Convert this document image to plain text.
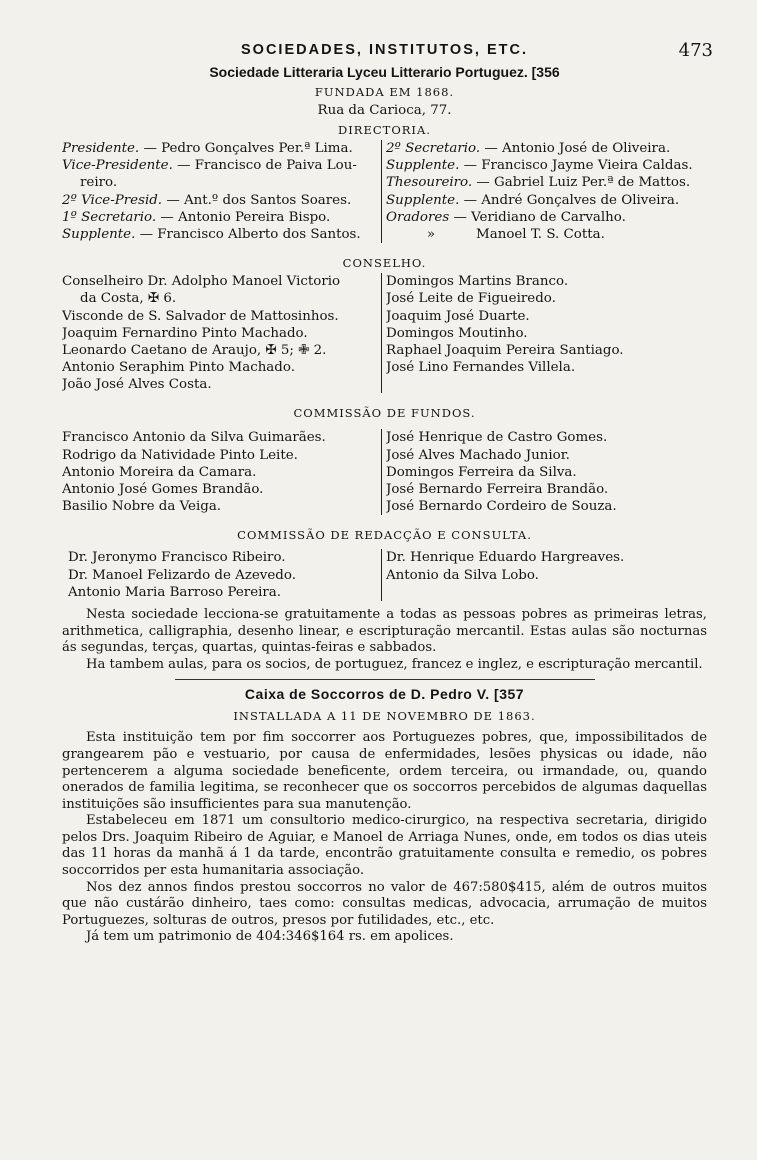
SOCIEDADES, INSTITUTOS, ETC.	473
Sociedade Litteraria Lyceu Litterario Portuguez. [356
FUNDADA EM 1868.
Rua da Carioca, 77.
DIRECTORIA.
Presidente. — Pedro Gonçalves Per.ª Lima.
Vice-Presidente. — Francisco de Paiva Lou-
reiro.
2º Vice-Presid. — Ant.º dos Santos Soares.
1º Secretario. — Antonio Pereira Bispo.
Supplente. — Francisco Alberto dos Santos.
2º Secretario. — Antonio José de Oliveira.
Supplente. — Francisco Jayme Vieira Caldas.
Thesoureiro. — Gabriel Luiz Per.ª de Mattos.
Supplente. — André Gonçalves de Oliveira.
Oradores — Veridiano de Carvalho.
»	Manoel T. S. Cotta.
CONSELHO.
Conselheiro Dr. Adolpho Manoel Victorio
da Costa, ✠ 6.
Visconde de S. Salvador de Mattosinhos.
Joaquim Fernardino Pinto Machado.
Leonardo Caetano de Araujo, ✠ 5; ✙ 2.
Antonio Seraphim Pinto Machado.
João José Alves Costa.
Domingos Martins Branco.
José Leite de Figueiredo.
Joaquim José Duarte.
Domingos Moutinho.
Raphael Joaquim Pereira Santiago.
José Lino Fernandes Villela.
COMMISSÃO DE FUNDOS.
Francisco Antonio da Silva Guimarães.
Rodrigo da Natividade Pinto Leite.
Antonio Moreira da Camara.
Antonio José Gomes Brandão.
Basilio Nobre da Veiga.
José Henrique de Castro Gomes.
José Alves Machado Junior.
Domingos Ferreira da Silva.
José Bernardo Ferreira Brandão.
José Bernardo Cordeiro de Souza.
COMMISSÃO DE REDACÇÃO E CONSULTA.
Dr. Jeronymo Francisco Ribeiro.
Dr. Manoel Felizardo de Azevedo.
Antonio Maria Barroso Pereira.
Dr. Henrique Eduardo Hargreaves.
Antonio da Silva Lobo.

Nesta sociedade lecciona-se gratuitamente a todas as pessoas pobres as primeiras letras, arithmetica, calligraphia, desenho linear, e escripturação mercantil. Estas aulas são nocturnas ás segundas, terças, quartas, quintas-feiras e sabbados.

Ha tambem aulas, para os socios, de portuguez, francez e inglez, e escripturação mercantil.

Caixa de Soccorros de D. Pedro V. [357
INSTALLADA A 11 DE NOVEMBRO DE 1863.

Esta instituição tem por fim soccorrer aos Portuguezes pobres, que, impossibilitados de grangearem pão e vestuario, por causa de enfermidades, lesões physicas ou idade, não pertencerem a alguma sociedade beneficente, ordem terceira, ou irmandade, ou, quando onerados de familia legitima, se reconhecer que os soccorros percebidos de algumas daquellas instituições são insufficientes para sua manutenção.

Estabeleceu em 1871 um consultorio medico-cirurgico, na respectiva secretaria, dirigido pelos Drs. Joaquim Ribeiro de Aguiar, e Manoel de Arriaga Nunes, onde, em todos os dias uteis das 11 horas da manhã á 1 da tarde, encontrão gratuitamente consulta e remedio, os pobres soccorridos per esta humanitaria associação.

Nos dez annos findos prestou soccorros no valor de 467:580$415, além de outros muitos que não custárão dinheiro, taes como: consultas medicas, advocacia, arrumação de muitos Portuguezes, solturas de outros, presos por futilidades, etc., etc.

Já tem um patrimonio de 404:346$164 rs. em apolices.
